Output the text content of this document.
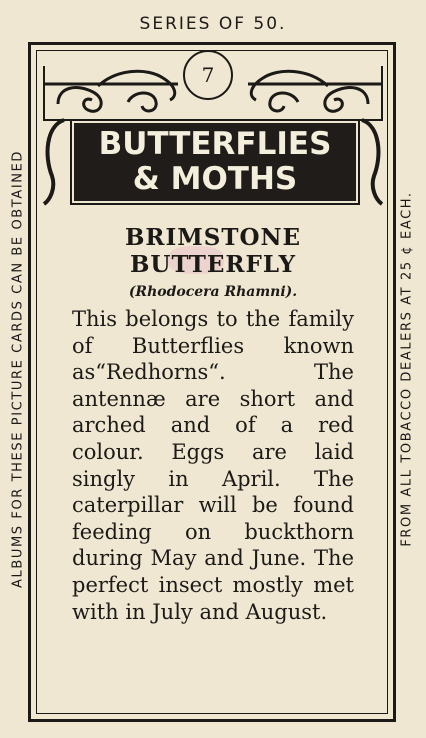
SERIES OF 50.
ALBUMS FOR THESE PICTURE CARDS CAN BE OBTAINED	FROM ALL TOBACCO DEALERS AT 25 ¢ EACH.
7
BUTTERFLIES
& MOTHS
BRIMSTONE
BUTTERFLY
(Rhodocera Rhamni).
This belongs to the family of Butterflies known as“Redhorns“. The antennæ are short and arched and of a red colour. Eggs are laid singly in April. The caterpillar will be found feeding on buckthorn during May and June. The perfect insect mostly met with in July and August.
